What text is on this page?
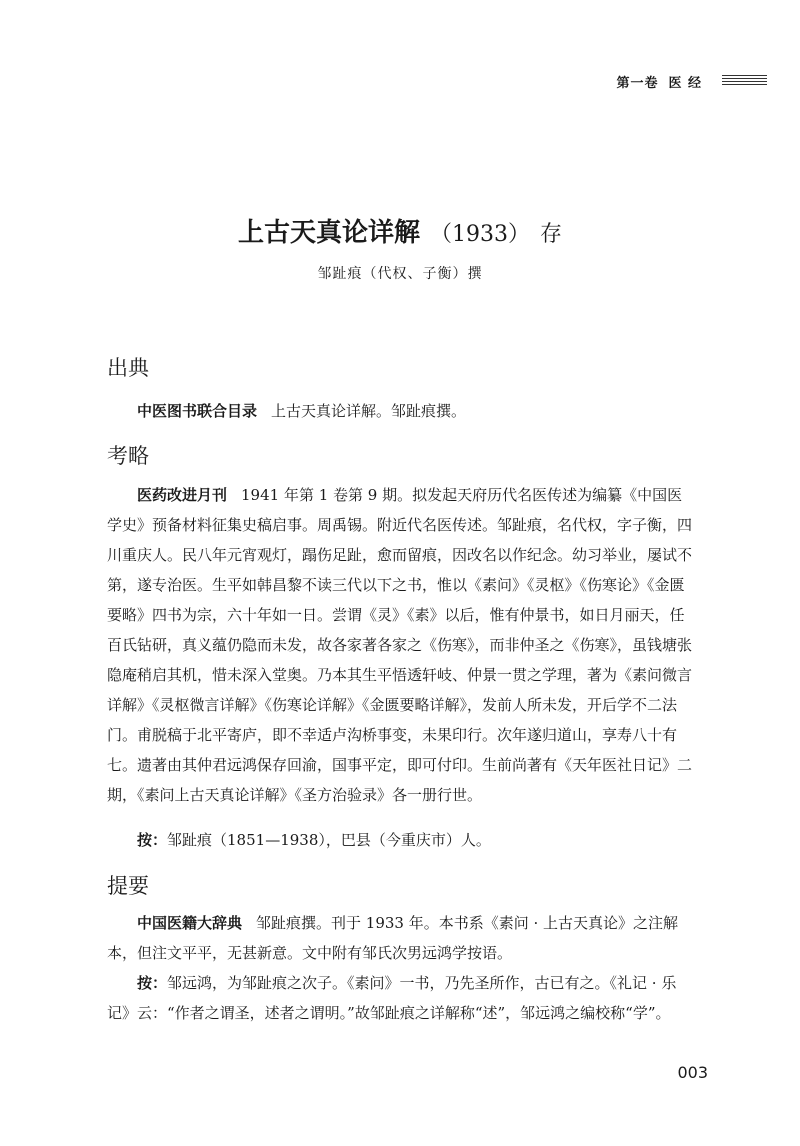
第一卷 医 经
上古天真论详解 （1933） 存
邹趾痕（代权、子衡）撰
出典

中医图书联合目录 上古天真论详解。邹趾痕撰。

考略

医药改进月刊 1941 年第 1 卷第 9 期。拟发起天府历代名医传述为编纂《中国医学史》预备材料征集史稿启事。周禹锡。附近代名医传述。邹趾痕，名代权，字子衡，四川重庆人。民八年元宵观灯，蹋伤足趾，愈而留痕，因改名以作纪念。幼习举业，屡试不第，遂专治医。生平如韩昌黎不读三代以下之书，惟以《素问》《灵枢》《伤寒论》《金匮要略》四书为宗，六十年如一日。尝谓《灵》《素》以后，惟有仲景书，如日月丽天，任百氏钻研，真义蕴仍隐而未发，故各家著各家之《伤寒》，而非仲圣之《伤寒》，虽钱塘张隐庵稍启其机，惜未深入堂奥。乃本其生平悟透轩岐、仲景一贯之学理，著为《素问微言详解》《灵枢微言详解》《伤寒论详解》《金匮要略详解》，发前人所未发，开后学不二法门。甫脱稿于北平寄庐，即不幸适卢沟桥事变，未果印行。次年遂归道山，享寿八十有七。遗著由其仲君远鸿保存回渝，国事平定，即可付印。生前尚著有《天年医社日记》二期，《素问上古天真论详解》《圣方治验录》各一册行世。

按：邹趾痕（1851—1938），巴县（今重庆市）人。

提要

中国医籍大辞典 邹趾痕撰。刊于 1933 年。本书系《素问 · 上古天真论》之注解本，但注文平平，无甚新意。文中附有邹氏次男远鸿学按语。

按：邹远鸿，为邹趾痕之次子。《素问》一书，乃先圣所作，古已有之。《礼记 · 乐记》云：“作者之谓圣，述者之谓明。”故邹趾痕之详解称“述”，邹远鸿之编校称“学”。

003
